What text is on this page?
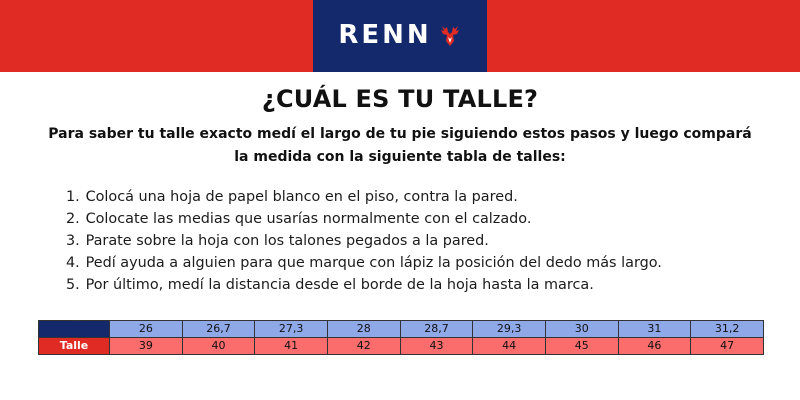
RENN
¿CUÁL ES TU TALLE?
Para saber tu talle exacto medí el largo de tu pie siguiendo estos pasos y luego compará
la medida con la siguiente tabla de talles:
1. Colocá una hoja de papel blanco en el piso, contra la pared.
2. Colocate las medias que usarías normalmente con el calzado.
3. Parate sobre la hoja con los talones pegados a la pared.
4. Pedí ayuda a alguien para que marque con lápiz la posición del dedo más largo.
5. Por último, medí la distancia desde el borde de la hoja hasta la marca.
cm	26	26,7	27,3	28	28,7	29,3	30	31	31,2
Talle	39	40	41	42	43	44	45	46	47
